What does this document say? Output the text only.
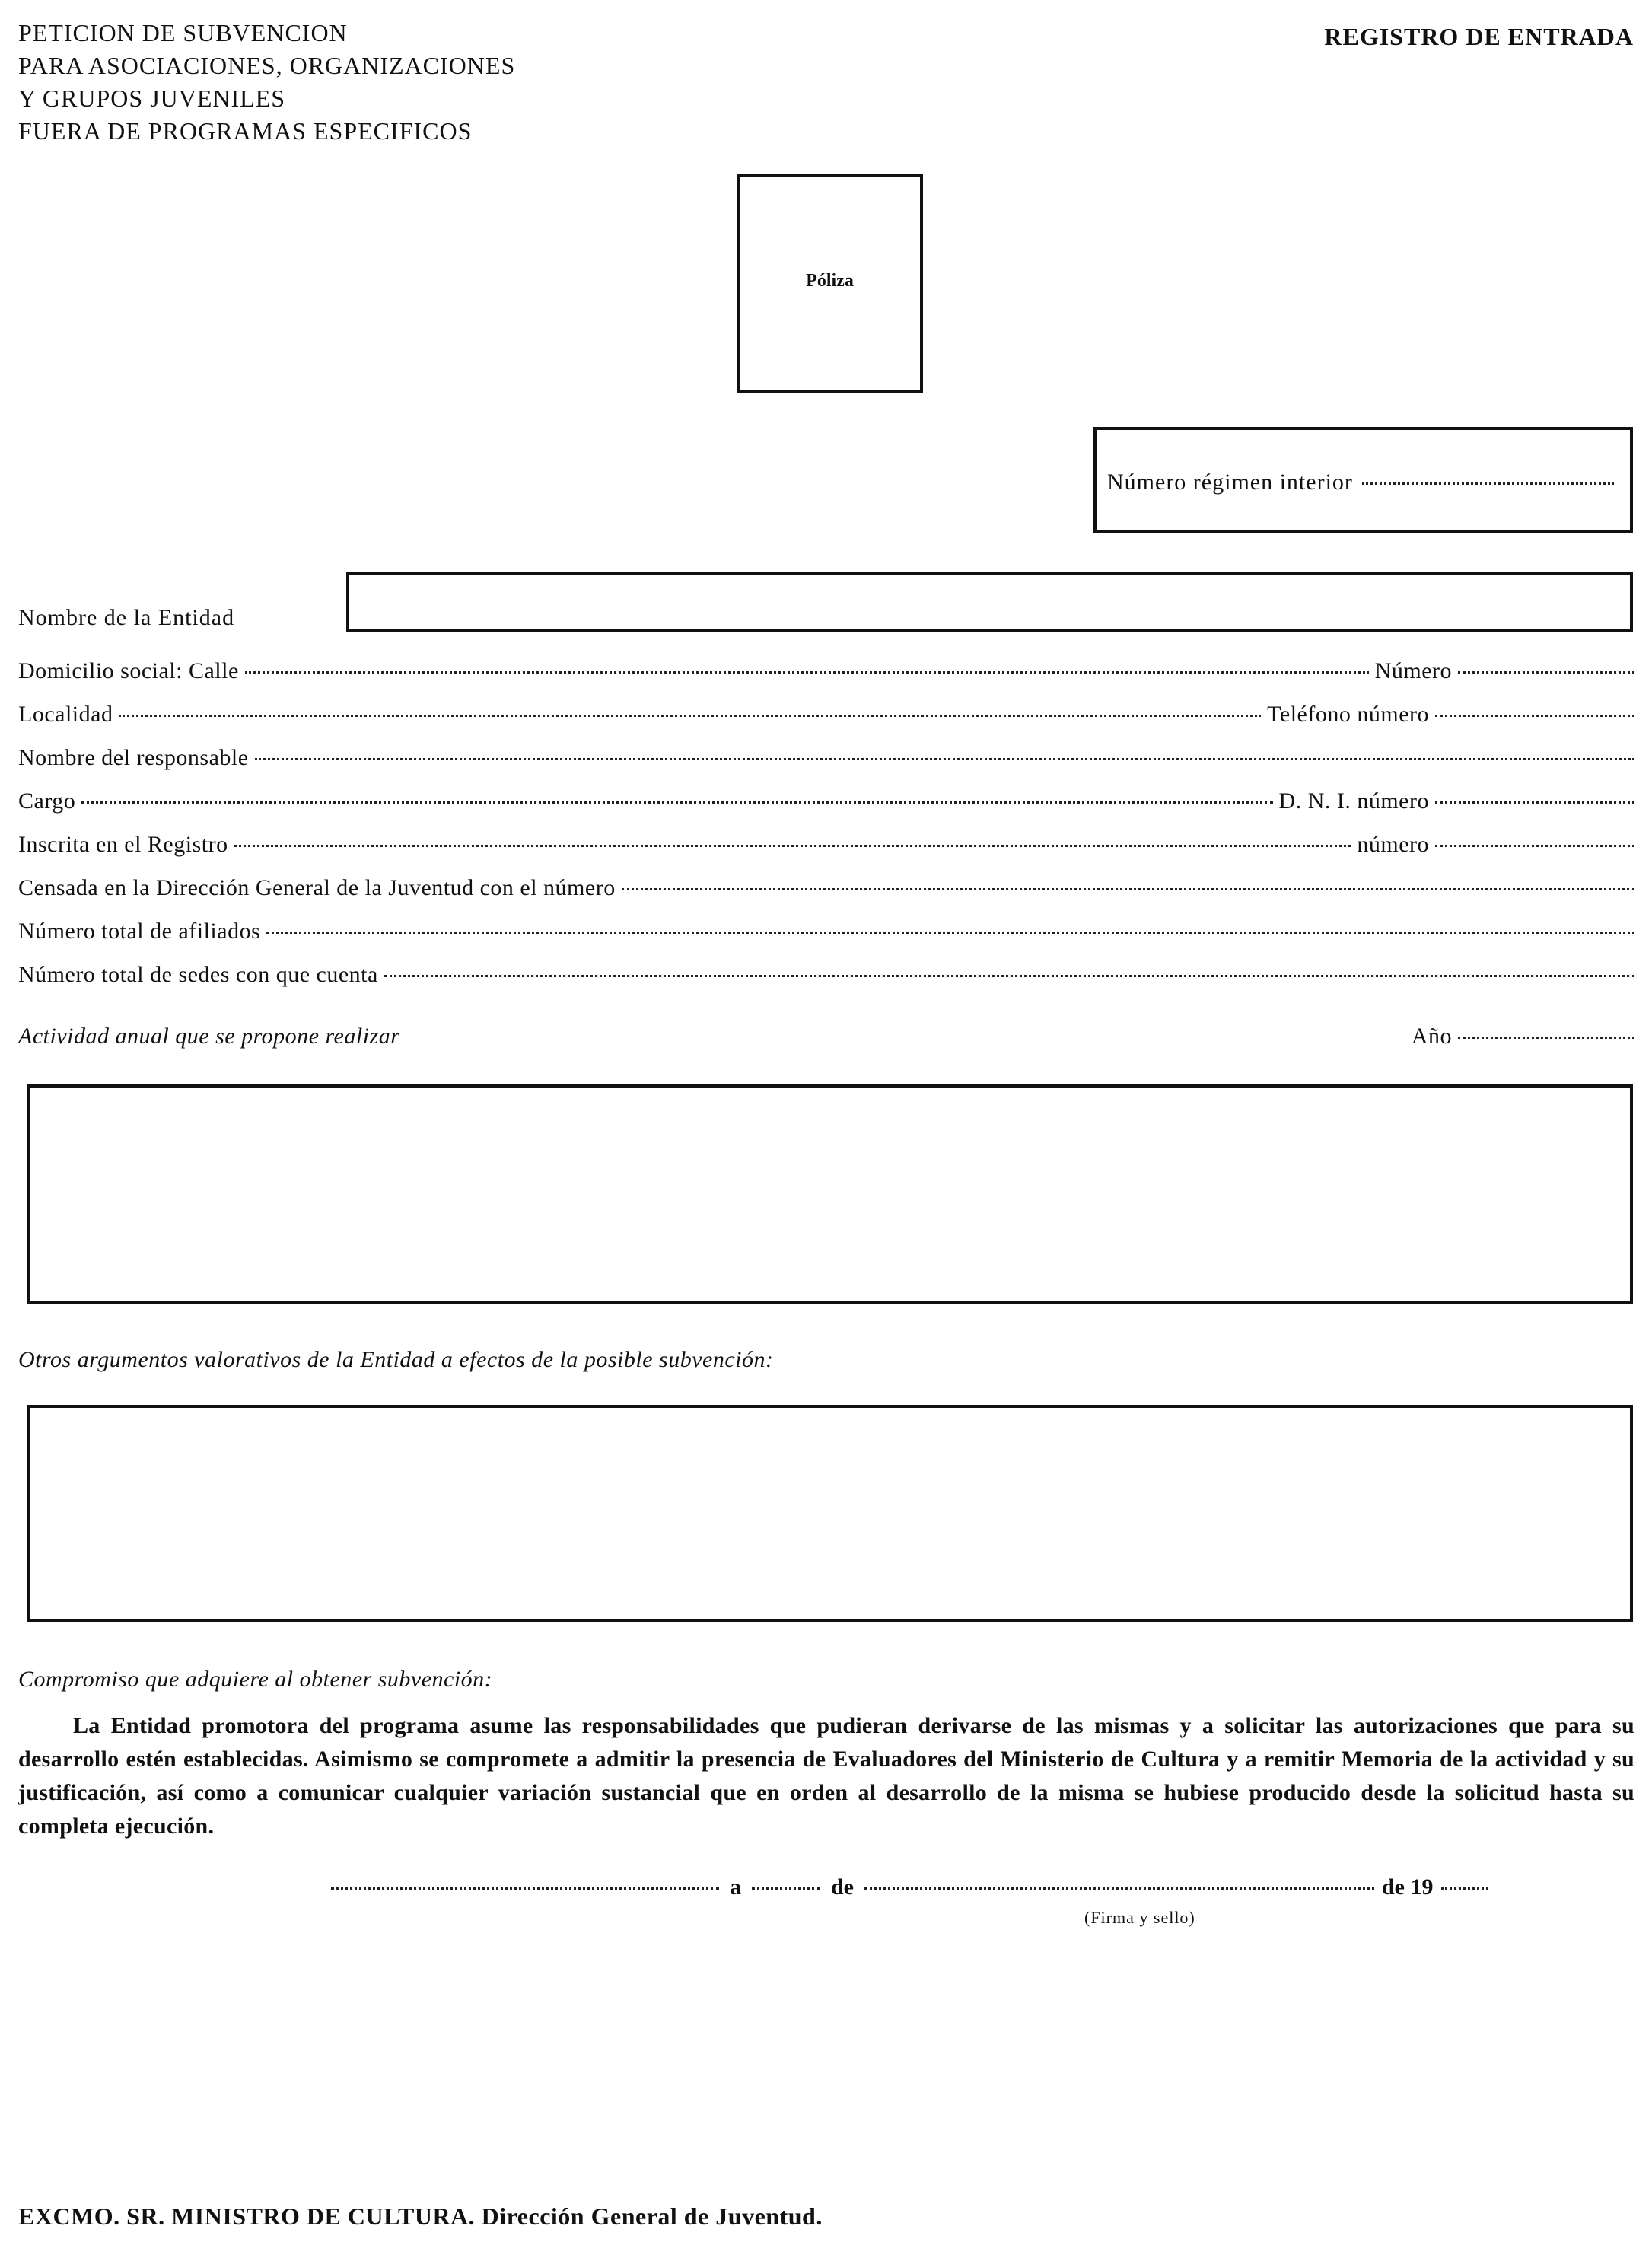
PETICION DE SUBVENCION
PARA ASOCIACIONES, ORGANIZACIONES
Y GRUPOS JUVENILES
FUERA DE PROGRAMAS ESPECIFICOS
REGISTRO DE ENTRADA
Póliza
Número régimen interior
Nombre de la Entidad
Domicilio social: Calle	Número
Localidad	Teléfono número
Nombre del responsable
Cargo	D. N. I. número
Inscrita en el Registro	número
Censada en la Dirección General de la Juventud con el número
Número total de afiliados
Número total de sedes con que cuenta
Actividad anual que se propone realizar	Año
Otros argumentos valorativos de la Entidad a efectos de la posible subvención:
Compromiso que adquiere al obtener subvención:
La Entidad promotora del programa asume las responsabilidades que pudieran derivarse de las mismas y a solicitar las autorizaciones que para su desarrollo estén establecidas. Asimismo se compromete a admitir la presencia de Evaluadores del Ministerio de Cultura y a remitir Memoria de la actividad y su justificación, así como a comunicar cualquier variación sustancial que en orden al desarrollo de la misma se hubiese producido desde la solicitud hasta su completa ejecución.
a	de	de 19
(Firma y sello)
EXCMO. SR. MINISTRO DE CULTURA. Dirección General de Juventud.
